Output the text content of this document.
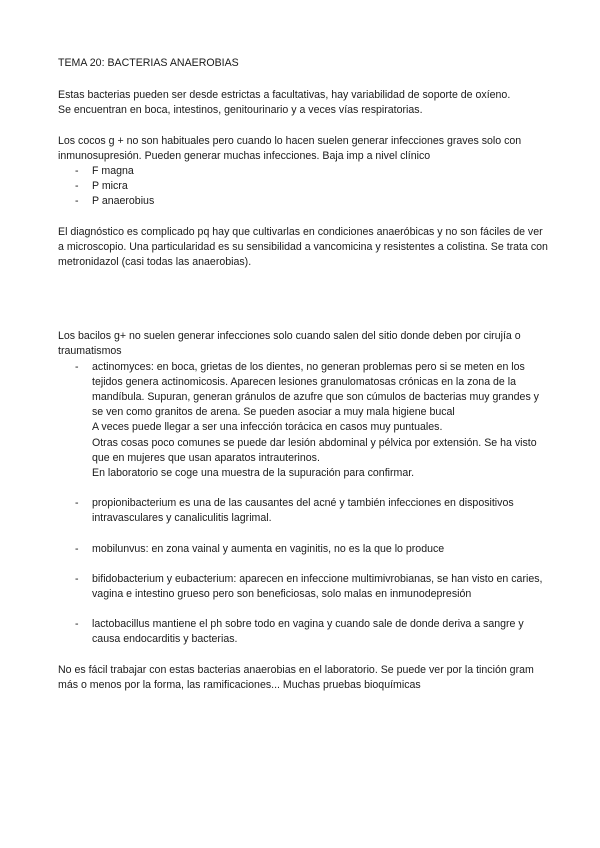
TEMA 20: BACTERIAS ANAEROBIAS

Estas bacterias pueden ser desde estrictas a facultativas, hay variabilidad de soporte de oxíeno.
Se encuentran en boca, intestinos, genitourinario y a veces vías respiratorias.

Los cocos g + no son habituales pero cuando lo hacen suelen generar infecciones graves solo con inmunosupresión. Pueden generar muchas infecciones. Baja imp a nivel clínico

- F magna
- P micra
- P anaerobius

El diagnóstico es complicado pq hay que cultivarlas en condiciones anaeróbicas y no son fáciles de ver a microscopio. Una particularidad es su sensibilidad a vancomicina y resistentes a colistina. Se trata con metronidazol (casi todas las anaerobias).

Los bacilos g+ no suelen generar infecciones solo cuando salen del sitio donde deben por cirujía o traumatismos

- actinomyces: en boca, grietas de los dientes, no generan problemas pero si se meten en los tejidos genera actinomicosis. Aparecen lesiones granulomatosas crónicas en la zona de la mandíbula. Supuran, generan gránulos de azufre que son cúmulos de bacterias muy grandes y se ven como granitos de arena. Se pueden asociar a muy mala higiene bucal
A veces puede llegar a ser una infección torácica en casos muy puntuales.
Otras cosas poco comunes se puede dar lesión abdominal y pélvica por extensión. Se ha visto que en mujeres que usan aparatos intrauterinos.
En laboratorio se coge una muestra de la supuración para confirmar.
- propionibacterium es una de las causantes del acné y también infecciones en dispositivos intravasculares y canaliculitis lagrimal.
- mobilunvus: en zona vainal y aumenta en vaginitis, no es la que lo produce
- bifidobacterium y eubacterium: aparecen en infeccione multimivrobianas, se han visto en caries, vagina e intestino grueso pero son beneficiosas, solo malas en inmunodepresión
- lactobacillus mantiene el ph sobre todo en vagina y cuando sale de donde deriva a sangre y causa endocarditis y bacterias.

No es fácil trabajar con estas bacterias anaerobias en el laboratorio. Se puede ver por la tinción gram más o menos por la forma, las ramificaciones... Muchas pruebas bioquímicas
